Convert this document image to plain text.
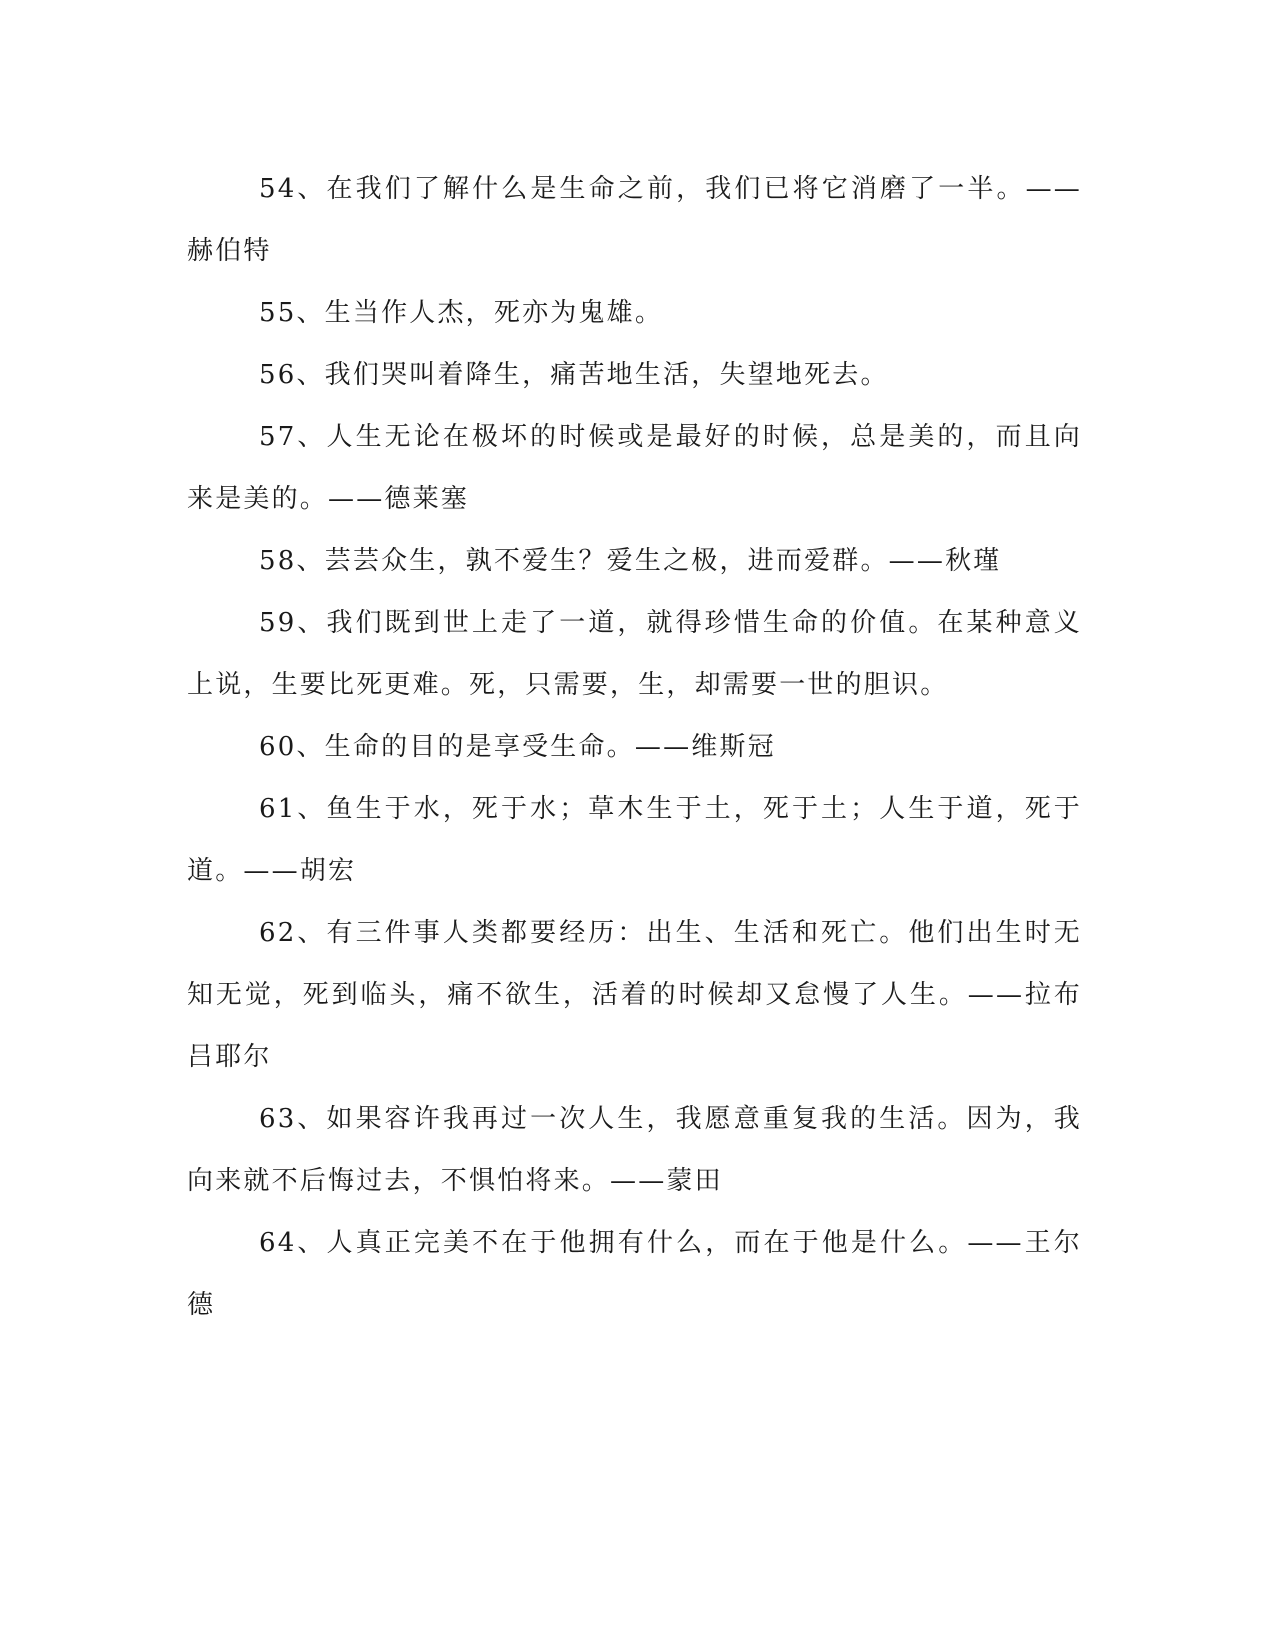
54、在我们了解什么是生命之前，我们已将它消磨了一半。——赫伯特

55、生当作人杰，死亦为鬼雄。

56、我们哭叫着降生，痛苦地生活，失望地死去。

57、人生无论在极坏的时候或是最好的时候，总是美的，而且向来是美的。——德莱塞

58、芸芸众生，孰不爱生？爱生之极，进而爱群。——秋瑾

59、我们既到世上走了一道，就得珍惜生命的价值。在某种意义上说，生要比死更难。死，只需要，生，却需要一世的胆识。

60、生命的目的是享受生命。——维斯冠

61、鱼生于水，死于水；草木生于土，死于土；人生于道，死于道。——胡宏

62、有三件事人类都要经历：出生、生活和死亡。他们出生时无知无觉，死到临头，痛不欲生，活着的时候却又怠慢了人生。——拉布吕耶尔

63、如果容许我再过一次人生，我愿意重复我的生活。因为，我向来就不后悔过去，不惧怕将来。——蒙田

64、人真正完美不在于他拥有什么，而在于他是什么。——王尔德
